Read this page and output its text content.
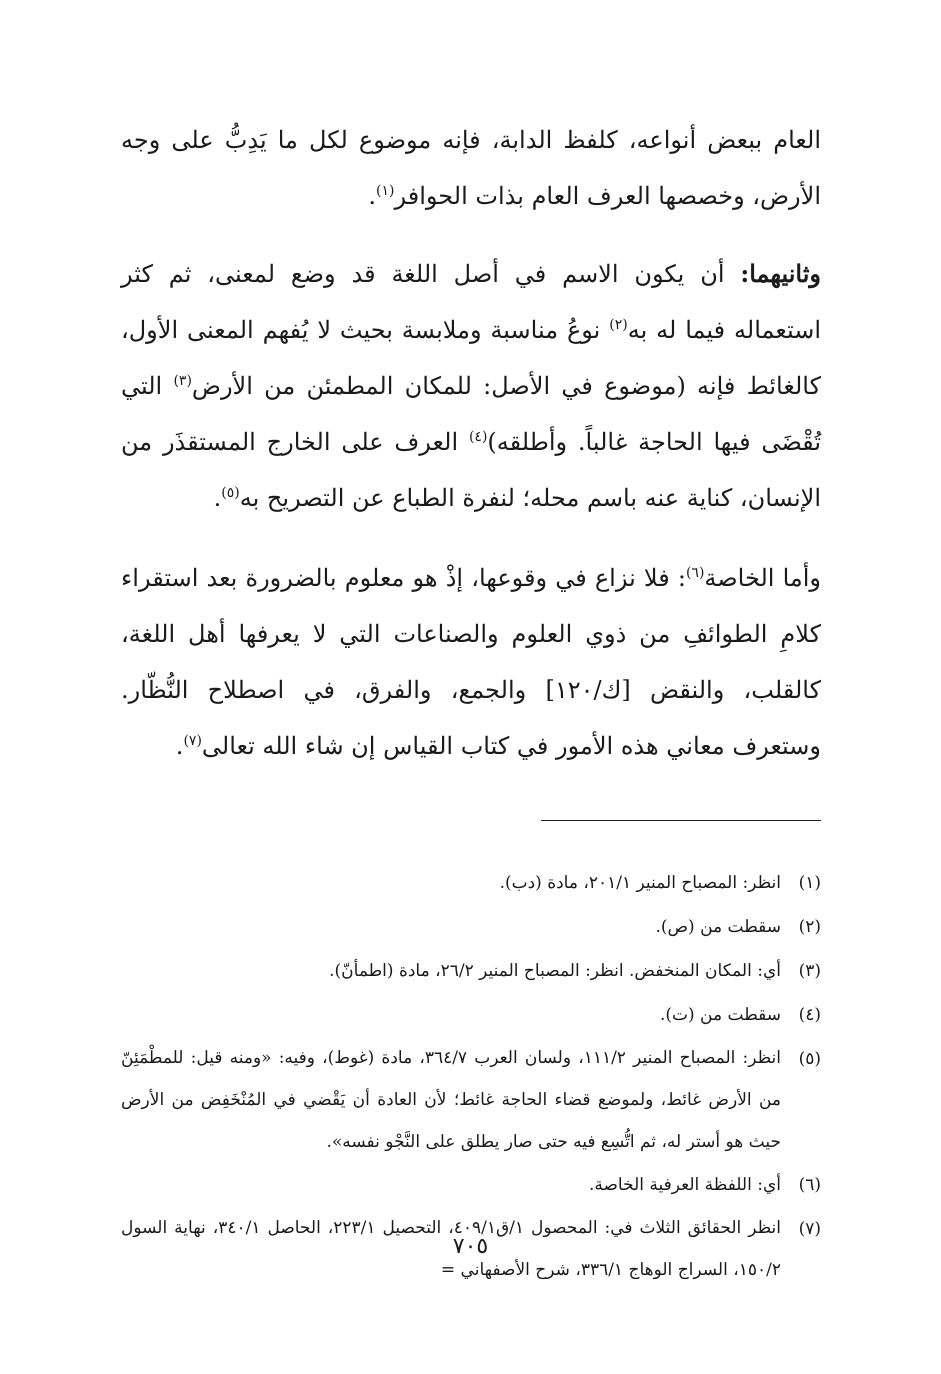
العام ببعض أنواعه، كلفظ الدابة، فإنه موضوع لكل ما يَدِبُّ على وجه الأرض، وخصصها العرف العام بذات الحوافر$^{(١)}$.

وثانيهما: أن يكون الاسم في أصل اللغة قد وضع لمعنى، ثم كثر استعماله فيما له به$^{(٢)}$ نوعُ مناسبة وملابسة بحيث لا يُفهم المعنى الأول، كالغائط فإنه (موضوع في الأصل: للمكان المطمئن من الأرض$^{(٣)}$ التي تُقْضَى فيها الحاجة غالباً. وأطلقه)$^{(٤)}$ العرف على الخارج المستقذَر من الإنسان، كناية عنه باسم محله؛ لنفرة الطباع عن التصريح به$^{(٥)}$.

وأما الخاصة$^{(٦)}$: فلا نزاع في وقوعها، إذْ هو معلوم بالضرورة بعد استقراء كلامِ الطوائفِ من ذوي العلوم والصناعات التي لا يعرفها أهل اللغة، كالقلب، والنقض [ك/١٢٠] والجمع، والفرق، في اصطلاح النُّظّار. وستعرف معاني هذه الأمور في كتاب القياس إن شاء الله تعالى$^{(٧)}$.

(١)
انظر: المصباح المنير ٢٠١/١، مادة (دب).
(٢)
سقطت من (ص).
(٣)
أي: المكان المنخفض. انظر: المصباح المنير ٢٦/٢، مادة (اطمأنّ).
(٤)
سقطت من (ت).
(٥)
انظر: المصباح المنير ١١١/٢، ولسان العرب ٣٦٤/٧، مادة (غوط)، وفيه: «ومنه قيل: للمطْمَئِنّ من الأرض غائط، ولموضع قضاء الحاجة غائط؛ لأن العادة أن يَقْضي في المُنْخَفِض من الأرض حيث هو أستر له، ثم اتُّسِع فيه حتى صار يطلق على النَّجْو نفسه».
(٦)
أي: اللفظة العرفية الخاصة.
(٧)
انظر الحقائق الثلاث في: المحصول ١/ق٤٠٩/١، التحصيل ٢٢٣/١، الحاصل ٣٤٠/١، نهاية السول ١٥٠/٢، السراج الوهاج ٣٣٦/١، شرح الأصفهاني =
٧٠٥
